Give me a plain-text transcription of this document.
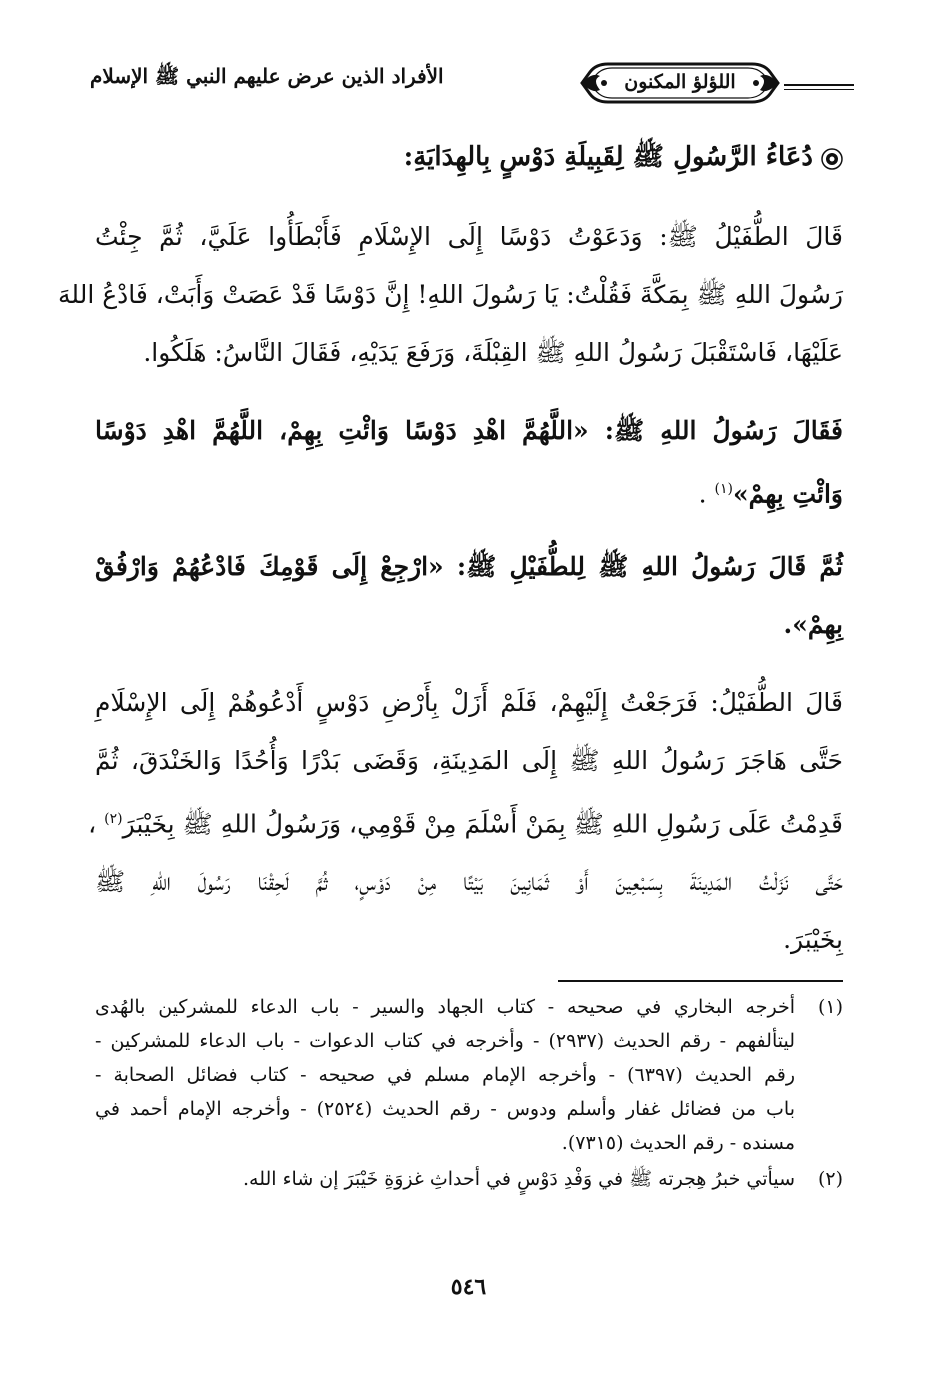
الأفراد الذين عرض عليهم النبي ﷺ الإسلام	اللؤلؤ المكنون
دُعَاءُ الرَّسُولِ ﷺ لِقَبِيلَةِ دَوْسٍ بِالهِدَايَةِ:
قَالَ الطُّفَيْلُ ﷺ: وَدَعَوْتُ دَوْسًا إِلَى الإِسْلَامِ فَأَبْطَأُوا عَلَيَّ، ثُمَّ جِئْتُ
رَسُولَ اللهِ ﷺ بِمَكَّةَ فَقُلْتُ: يَا رَسُولَ اللهِ! إِنَّ دَوْسًا قَدْ عَصَتْ وَأَبَتْ، فَادْعُ اللهَ
عَلَيْهَا، فَاسْتَقْبَلَ رَسُولُ اللهِ ﷺ القِبْلَةَ، وَرَفَعَ يَدَيْهِ، فَقَالَ النَّاسُ: هَلَكُوا.
فَقَالَ رَسُولُ اللهِ ﷺ: «اللَّهُمَّ اهْدِ دَوْسًا وَائْتِ بِهِمْ، اللَّهُمَّ اهْدِ دَوْسًا
وَائْتِ بِهِمْ»$^{(١)}$ .
ثُمَّ قَالَ رَسُولُ اللهِ ﷺ لِلطُّفَيْلِ ﷺ: «ارْجِعْ إِلَى قَوْمِكَ فَادْعُهُمْ وَارْفُقْ
بِهِمْ».
قَالَ الطُّفَيْلُ: فَرَجَعْتُ إِلَيْهِمْ، فَلَمْ أَزَلْ بِأَرْضِ دَوْسٍ أَدْعُوهُمْ إِلَى الإِسْلَامِ
حَتَّى هَاجَرَ رَسُولُ اللهِ ﷺ إِلَى المَدِينَةِ، وَقَضَى بَدْرًا وَأُحُدًا وَالخَنْدَقَ، ثُمَّ
قَدِمْتُ عَلَى رَسُولِ اللهِ ﷺ بِمَنْ أَسْلَمَ مِنْ قَوْمِي، وَرَسُولُ اللهِ ﷺ بِخَيْبَرَ$^{(٢)}$ ،
حَتَّى نَزَلْتُ المَدِينَةَ بِسَبْعِينَ أَوْ ثَمَانِينَ بَيْتًا مِنْ دَوْسٍ، ثُمَّ لَحِقْنَا رَسُولَ اللهِ ﷺ
بِخَيْبَرَ.
(١)
أخرجه البخاري في صحيحه - كتاب الجهاد والسير - باب الدعاء للمشركين بالهُدى
ليتألفهم - رقم الحديث (٢٩٣٧) - وأخرجه في كتاب الدعوات - باب الدعاء للمشركين -
رقم الحديث (٦٣٩٧) - وأخرجه الإمام مسلم في صحيحه - كتاب فضائل الصحابة -
باب من فضائل غفار وأسلم ودوس - رقم الحديث (٢٥٢٤) - وأخرجه الإمام أحمد في
مسنده - رقم الحديث (٧٣١٥).
(٢)
سيأتي خبرُ هِجرته ﷺ في وَفْدِ دَوْسٍ في أحداثِ غزوَةِ خَيْبَرَ إن شاء الله.
٥٤٦
